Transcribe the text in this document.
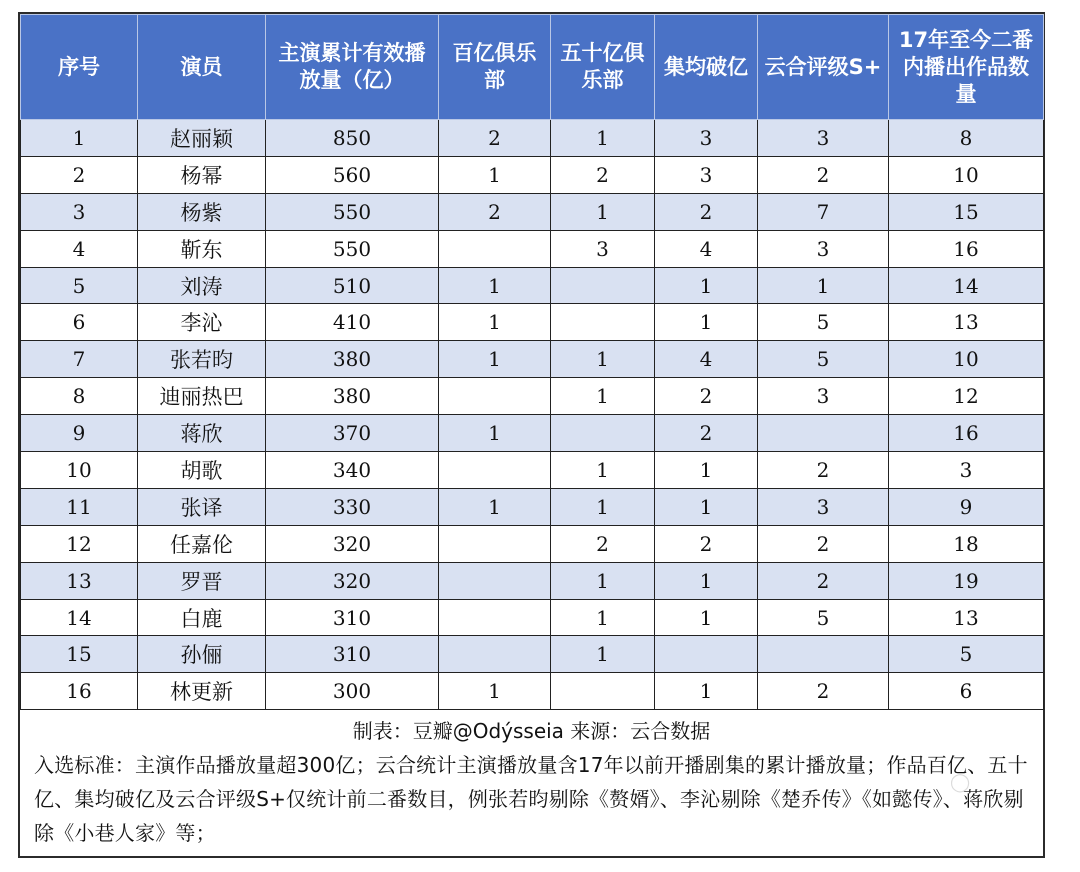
序号	演员	主演累计有效播放量（亿）	百亿俱乐部	五十亿俱乐部	集均破亿	云合评级S+	17年至今二番内播出作品数量
1	赵丽颖	850	2	1	3	3	8
2	杨幂	560	1	2	3	2	10
3	杨紫	550	2	1	2	7	15
4	靳东	550		3	4	3	16
5	刘涛	510	1		1	1	14
6	李沁	410	1		1	5	13
7	张若昀	380	1	1	4	5	10
8	迪丽热巴	380		1	2	3	12
9	蒋欣	370	1		2		16
10	胡歌	340		1	1	2	3
11	张译	330	1	1	1	3	9
12	任嘉伦	320		2	2	2	18
13	罗晋	320		1	1	2	19
14	白鹿	310		1	1	5	13
15	孙俪	310		1			5
16	林更新	300	1		1	2	6
制表：豆瓣@Odýsseia 来源：云合数据
入选标准：主演作品播放量超300亿；云合统计主演播放量含17年以前开播剧集的累计播放量；作品百亿、五十亿、集均破亿及云合评级S+仅统计前二番数目，例张若昀剔除《赘婿》、李沁剔除《楚乔传》《如懿传》、蒋欣剔除《小巷人家》等；
◯
